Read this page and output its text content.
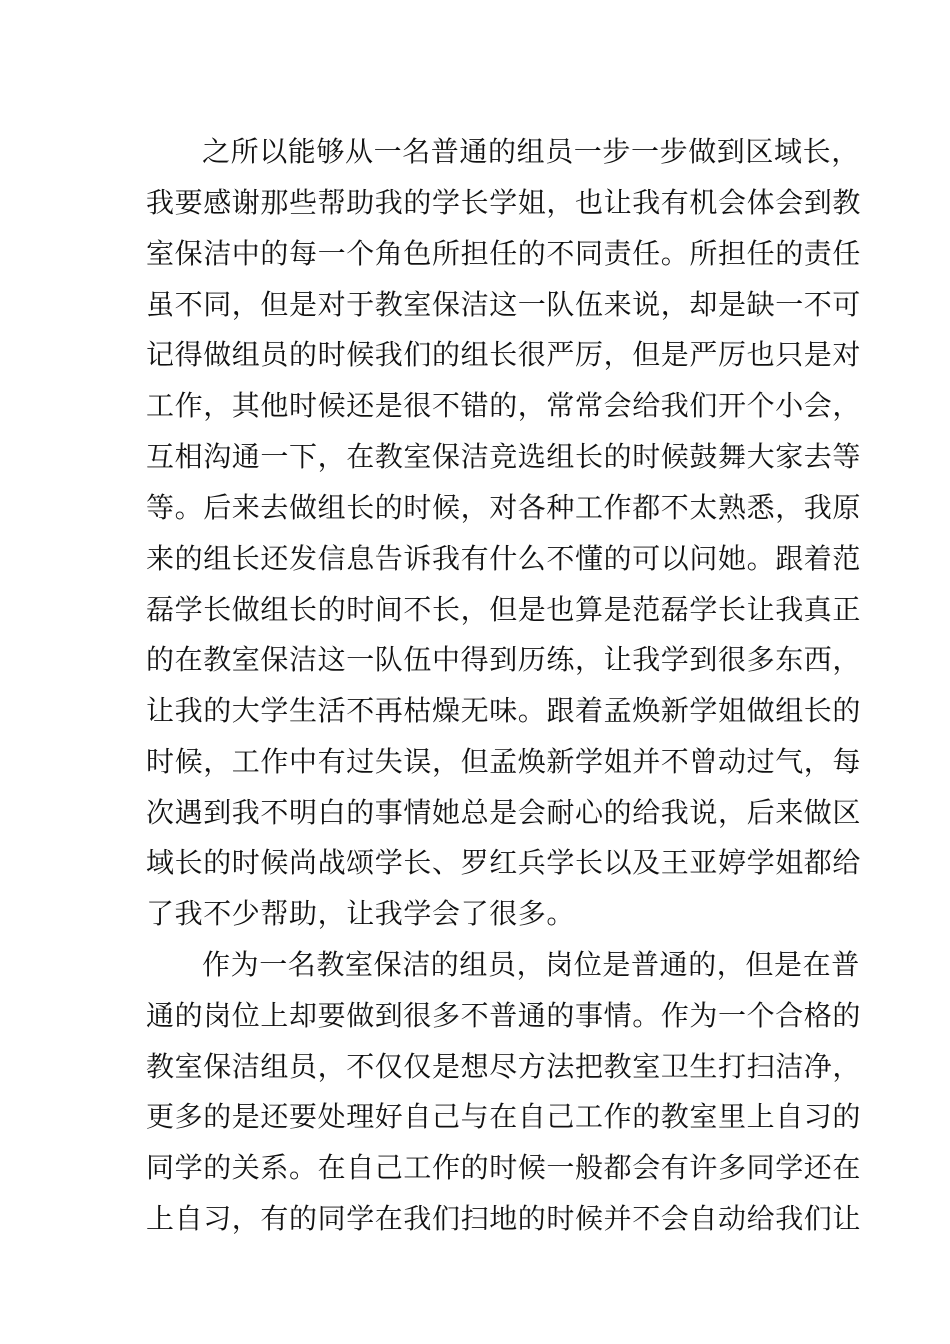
之所以能够从一名普通的组员一步一步做到区域长，
我要感谢那些帮助我的学长学姐，也让我有机会体会到教
室保洁中的每一个角色所担任的不同责任。所担任的责任
虽不同，但是对于教室保洁这一队伍来说，却是缺一不可
记得做组员的时候我们的组长很严厉，但是严厉也只是对
工作，其他时候还是很不错的，常常会给我们开个小会，
互相沟通一下，在教室保洁竞选组长的时候鼓舞大家去等
等。后来去做组长的时候，对各种工作都不太熟悉，我原
来的组长还发信息告诉我有什么不懂的可以问她。跟着范
磊学长做组长的时间不长，但是也算是范磊学长让我真正
的在教室保洁这一队伍中得到历练，让我学到很多东西，
让我的大学生活不再枯燥无味。跟着孟焕新学姐做组长的
时候，工作中有过失误，但孟焕新学姐并不曾动过气，每
次遇到我不明白的事情她总是会耐心的给我说，后来做区
域长的时候尚战颂学长、罗红兵学长以及王亚婷学姐都给
了我不少帮助，让我学会了很多。
作为一名教室保洁的组员，岗位是普通的，但是在普
通的岗位上却要做到很多不普通的事情。作为一个合格的
教室保洁组员，不仅仅是想尽方法把教室卫生打扫洁净，
更多的是还要处理好自己与在自己工作的教室里上自习的
同学的关系。在自己工作的时候一般都会有许多同学还在
上自习，有的同学在我们扫地的时候并不会自动给我们让
